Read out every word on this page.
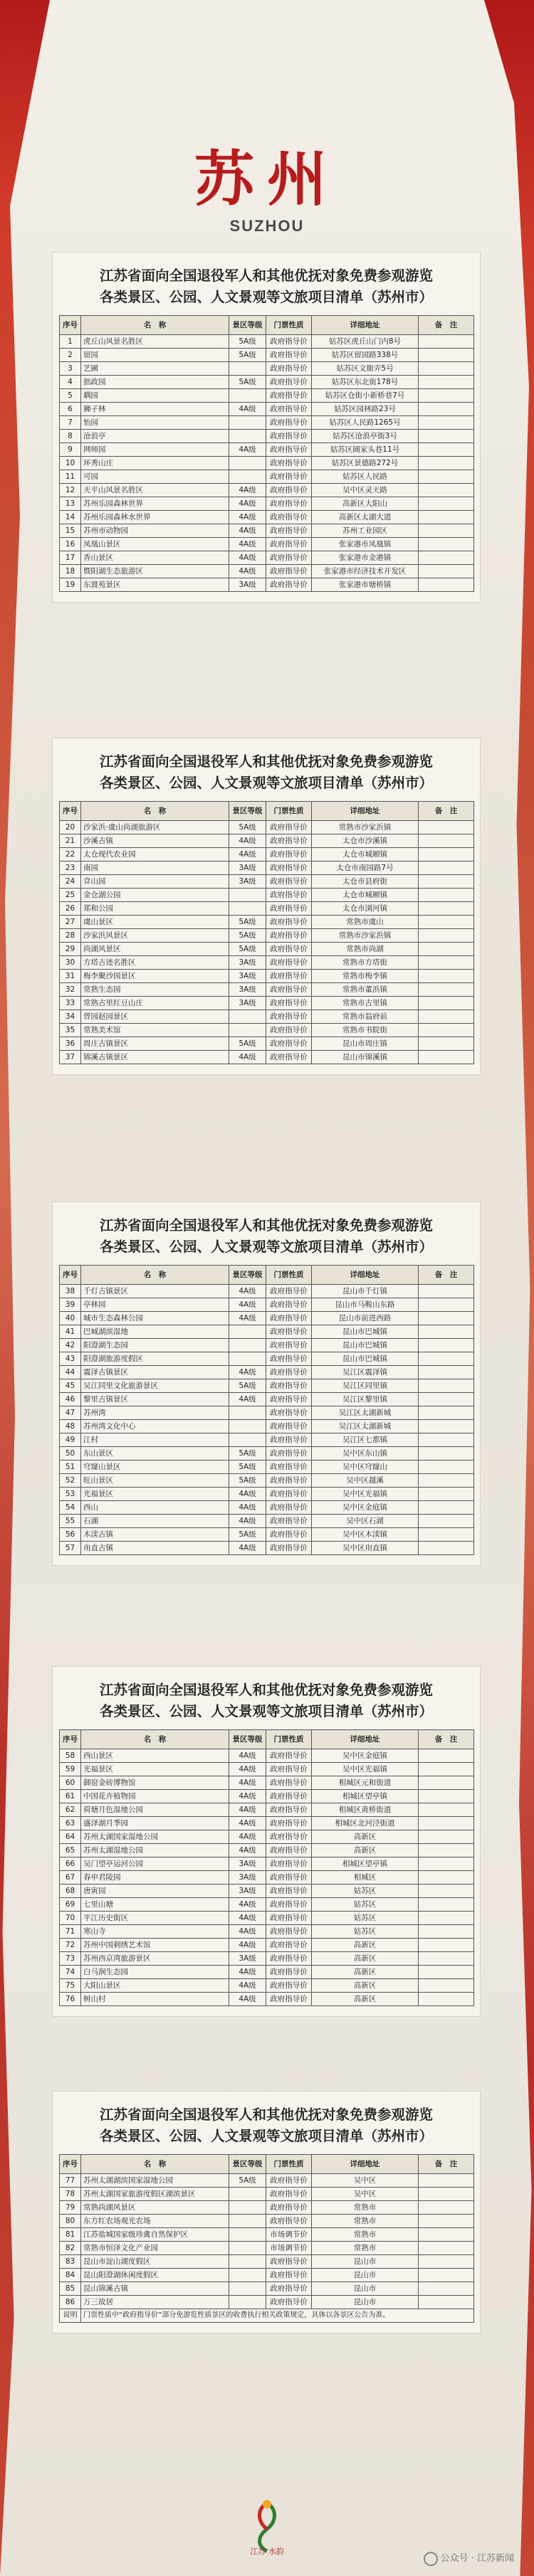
苏州
SUZHOU
江苏省面向全国退役军人和其他优抚对象免费参观游览
各类景区、公园、人文景观等文旅项目清单（苏州市）
序号	名　称	景区等级	门票性质	详细地址	备　注
1	虎丘山风景名胜区	5A级	政府指导价	姑苏区虎丘山门内8号	
2	留园	5A级	政府指导价	姑苏区留园路338号	
3	艺圃		政府指导价	姑苏区文衙弄5号	
4	拙政园	5A级	政府指导价	姑苏区东北街178号	
5	耦园		政府指导价	姑苏区仓街小新桥巷7号	
6	狮子林	4A级	政府指导价	姑苏区园林路23号	
7	怡园		政府指导价	姑苏区人民路1265号	
8	沧浪亭		政府指导价	姑苏区沧浪亭街3号	
9	网师园	4A级	政府指导价	姑苏区阔家头巷11号	
10	环秀山庄		政府指导价	姑苏区景德路272号	
11	可园		政府指导价	姑苏区人民路	
12	天平山风景名胜区	4A级	政府指导价	吴中区灵天路	
13	苏州乐园森林世界	4A级	政府指导价	高新区大阳山	
14	苏州乐园森林水世界	4A级	政府指导价	高新区太湖大道	
15	苏州市动物园	4A级	政府指导价	苏州工业园区	
16	凤凰山景区	4A级	政府指导价	张家港市凤凰镇	
17	香山景区	4A级	政府指导价	张家港市金港镇	
18	暨阳湖生态旅游区	4A级	政府指导价	张家港市经济技术开发区	
19	东渡苑景区	3A级	政府指导价	张家港市塘桥镇	
江苏省面向全国退役军人和其他优抚对象免费参观游览
各类景区、公园、人文景观等文旅项目清单（苏州市）
序号	名　称	景区等级	门票性质	详细地址	备　注
20	沙家浜·虞山尚湖旅游区	5A级	政府指导价	常熟市沙家浜镇	
21	沙溪古镇	4A级	政府指导价	太仓市沙溪镇	
22	太仓现代农业园	4A级	政府指导价	太仓市城厢镇	
23	南园	3A级	政府指导价	太仓市南园路7号	
24	弇山园	3A级	政府指导价	太仓市县府街	
25	金仓湖公园		政府指导价	太仓市城厢镇	
26	郑和公园		政府指导价	太仓市浏河镇	
27	虞山景区	5A级	政府指导价	常熟市虞山	
28	沙家浜风景区	5A级	政府指导价	常熟市沙家浜镇	
29	尚湖风景区	5A级	政府指导价	常熟市尚湖	
30	方塔古迹名胜区	3A级	政府指导价	常熟市方塔街	
31	梅李聚沙园景区	3A级	政府指导价	常熟市梅李镇	
32	常熟生态园	3A级	政府指导价	常熟市董浜镇	
33	常熟古里红豆山庄	3A级	政府指导价	常熟市古里镇	
34	曾园赵园景区		政府指导价	常熟市翁府前	
35	常熟美术馆		政府指导价	常熟市书院街	
36	周庄古镇景区	5A级	政府指导价	昆山市周庄镇	
37	锦溪古镇景区	4A级	政府指导价	昆山市锦溪镇	
江苏省面向全国退役军人和其他优抚对象免费参观游览
各类景区、公园、人文景观等文旅项目清单（苏州市）
序号	名　称	景区等级	门票性质	详细地址	备　注
38	千灯古镇景区	4A级	政府指导价	昆山市千灯镇	
39	亭林园	4A级	政府指导价	昆山市马鞍山东路	
40	城市生态森林公园	4A级	政府指导价	昆山市前进西路	
41	巴城湖滨湿地		政府指导价	昆山市巴城镇	
42	阳澄湖生态园		政府指导价	昆山市巴城镇	
43	阳澄湖旅游度假区		政府指导价	昆山市巴城镇	
44	震泽古镇景区	4A级	政府指导价	吴江区震泽镇	
45	吴江同里文化旅游景区	5A级	政府指导价	吴江区同里镇	
46	黎里古镇景区	4A级	政府指导价	吴江区黎里镇	
47	苏州湾		政府指导价	吴江区太湖新城	
48	苏州湾文化中心		政府指导价	吴江区太湖新城	
49	江村		政府指导价	吴江区七都镇	
50	东山景区	5A级	政府指导价	吴中区东山镇	
51	穹窿山景区	5A级	政府指导价	吴中区穹窿山	
52	旺山景区	5A级	政府指导价	吴中区越溪	
53	光福景区	4A级	政府指导价	吴中区光福镇	
54	西山	4A级	政府指导价	吴中区金庭镇	
55	石湖	4A级	政府指导价	吴中区石湖	
56	木渎古镇	5A级	政府指导价	吴中区木渎镇	
57	甪直古镇	4A级	政府指导价	吴中区甪直镇	
江苏省面向全国退役军人和其他优抚对象免费参观游览
各类景区、公园、人文景观等文旅项目清单（苏州市）
序号	名　称	景区等级	门票性质	详细地址	备　注
58	西山景区	4A级	政府指导价	吴中区金庭镇	
59	光福景区	4A级	政府指导价	吴中区光福镇	
60	御窑金砖博物馆	4A级	政府指导价	相城区元和街道	
61	中国花卉植物园	4A级	政府指导价	相城区望亭镇	
62	荷塘月色湿地公园	4A级	政府指导价	相城区黄桥街道	
63	盛泽湖月季园	4A级	政府指导价	相城区北河泾街道	
64	苏州太湖国家湿地公园	4A级	政府指导价	高新区	
65	苏州太湖湿地公园	4A级	政府指导价	高新区	
66	吴门望亭运河公园	3A级	政府指导价	相城区望亭镇	
67	春申君陵园	3A级	政府指导价	相城区	
68	唐寅园	3A级	政府指导价	姑苏区	
69	七里山塘	4A级	政府指导价	姑苏区	
70	平江历史街区	4A级	政府指导价	姑苏区	
71	寒山寺	4A级	政府指导价	姑苏区	
72	苏州中国刺绣艺术馆	4A级	政府指导价	高新区	
73	苏州西京湾旅游景区	3A级	政府指导价	高新区	
74	白马涧生态园	4A级	政府指导价	高新区	
75	大阳山景区	4A级	政府指导价	高新区	
76	树山村	4A级	政府指导价	高新区	
江苏省面向全国退役军人和其他优抚对象免费参观游览
各类景区、公园、人文景观等文旅项目清单（苏州市）
序号	名　称	景区等级	门票性质	详细地址	备　注
77	苏州太湖湖滨国家湿地公园	5A级	政府指导价	吴中区	
78	苏州太湖国家旅游度假区湖滨景区		政府指导价	吴中区	
79	常熟尚湖风景区		政府指导价	常熟市	
80	东方红农场观光农场		政府指导价	常熟市	
81	江苏盐城国家级珍禽自然保护区		市场调节价	常熟市	
82	常熟市恒泽文化产业园		市场调节价	常熟市	
83	昆山市淀山湖度假区		政府指导价	昆山市	
84	昆山阳澄湖休闲度假区		政府指导价	昆山市	
85	昆山锦溪古镇		政府指导价	昆山市	
86	万三故居		政府指导价	昆山市	
说明	门票性质中“政府指导价”部分免游览性质景区的收费执行相关政策规定，具体以各景区公告为准。				
江苏 水韵
公众号 · 江苏新闻
